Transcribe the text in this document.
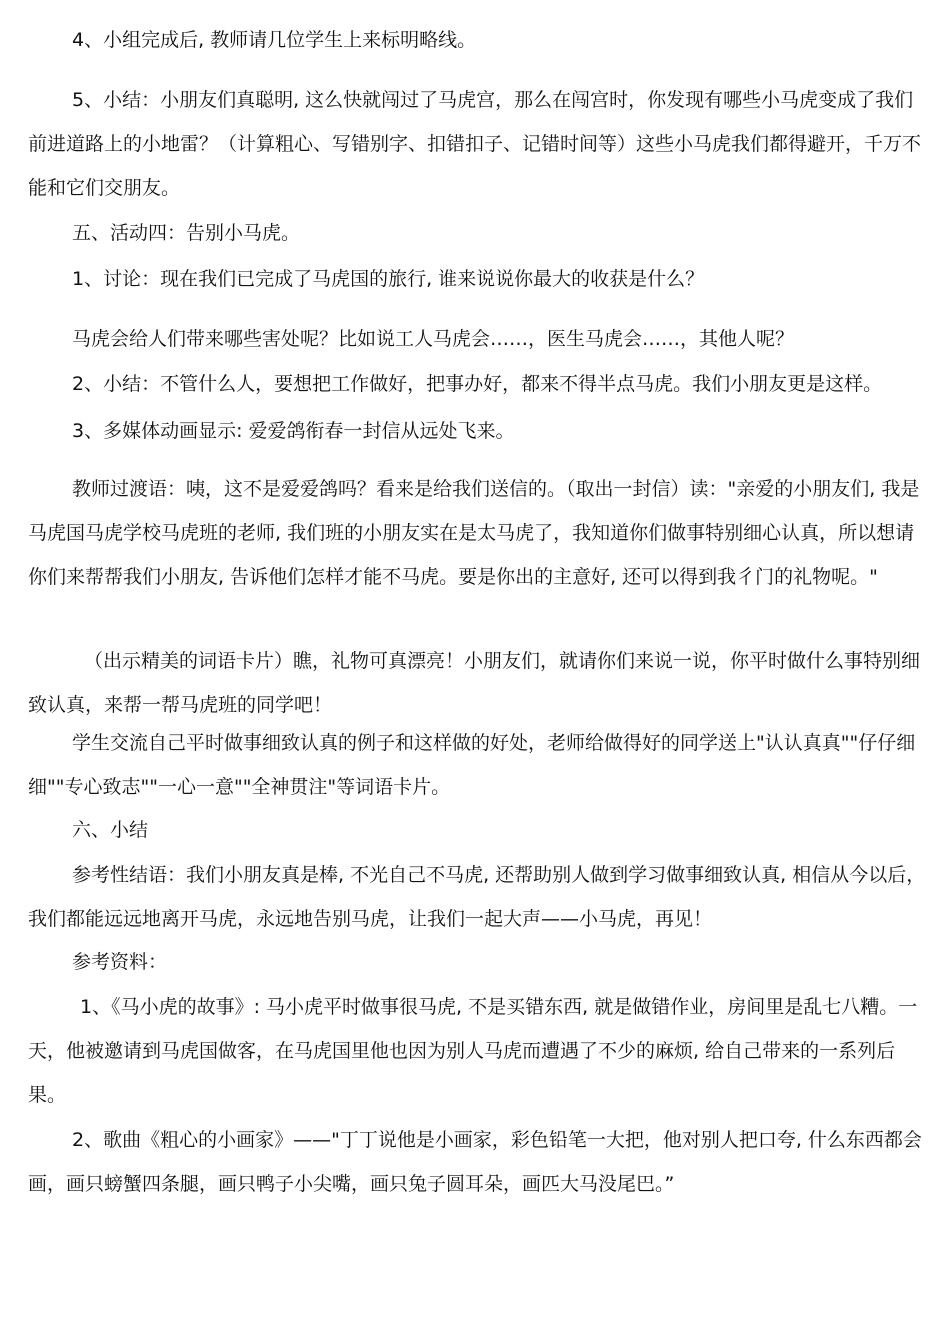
4、小组完成后, 教师请几位学生上来标明略线。

5、小结：小朋友们真聪明, 这么快就闯过了马虎宫，那么在闯宫时，你发现有哪些小马虎变成了我们前进道路上的小地雷？（计算粗心、写错别字、扣错扣子、记错时间等）这些小马虎我们都得避开，千万不能和它们交朋友。

五、活动四：告别小马虎。

1、讨论：现在我们已完成了马虎国的旅行, 谁来说说你最大的收获是什么？

马虎会给人们带来哪些害处呢？比如说工人马虎会……，医生马虎会……，其他人呢？

2、小结：不管什么人，要想把工作做好，把事办好，都来不得半点马虎。我们小朋友更是这样。

3、多媒体动画显示: 爱爱鸽衔春一封信从远处飞来。

教师过渡语：咦，这不是爱爱鸽吗？看来是给我们送信的。（取出一封信）读："亲爱的小朋友们, 我是马虎国马虎学校马虎班的老师, 我们班的小朋友实在是太马虎了，我知道你们做事特别细心认真，所以想请你们来帮帮我们小朋友, 告诉他们怎样才能不马虎。要是你出的主意好, 还可以得到我彳门的礼物呢。"

（出示精美的词语卡片）瞧，礼物可真漂亮！小朋友们，就请你们来说一说，你平时做什么事特别细致认真，来帮一帮马虎班的同学吧！

学生交流自己平时做事细致认真的例子和这样做的好处，老师给做得好的同学送上"认认真真""仔仔细细""专心致志""一心一意""全神贯注"等词语卡片。

六、小结

参考性结语：我们小朋友真是棒, 不光自己不马虎, 还帮助别人做到学习做事细致认真, 相信从今以后，我们都能远远地离开马虎，永远地告别马虎，让我们一起大声——小马虎，再见！

参考资料：

1、《马小虎的故事》: 马小虎平时做事很马虎, 不是买错东西, 就是做错作业，房间里是乱七八糟。一天，他被邀请到马虎国做客，在马虎国里他也因为别人马虎而遭遇了不少的麻烦, 给自己带来的一系列后果。

2、歌曲《粗心的小画家》——"丁丁说他是小画家，彩色铅笔一大把，他对别人把口夸, 什么东西都会画，画只螃蟹四条腿，画只鸭子小尖嘴，画只兔子圆耳朵，画匹大马没尾巴。”
